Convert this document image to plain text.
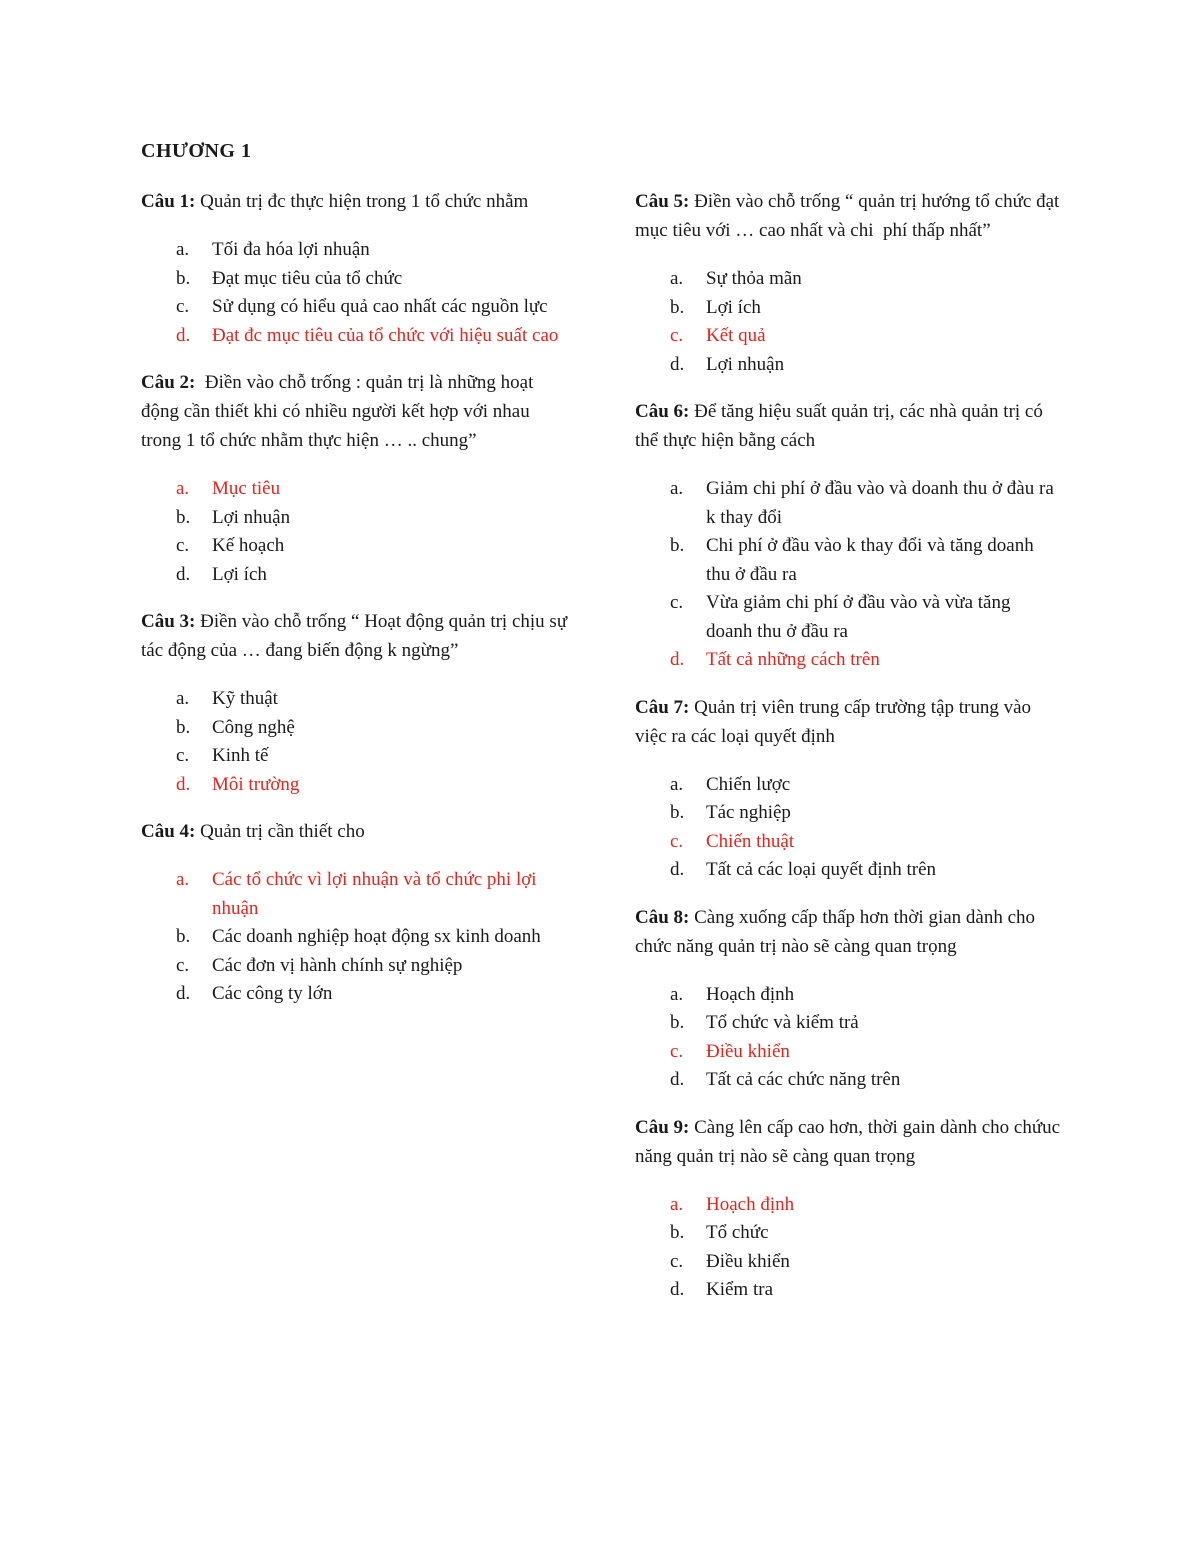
CHƯƠNG 1

Câu 1: Quản trị đc thực hiện trong 1 tổ chức nhằm

a.	Tối đa hóa lợi nhuận
b.	Đạt mục tiêu của tổ chức
c.	Sử dụng có hiểu quả cao nhất các nguồn lực
d.	Đạt đc mục tiêu của tổ chức với hiệu suất cao

Câu 2:  Điền vào chỗ trống : quản trị là những hoạt động cần thiết khi có nhiều người kết hợp với nhau trong 1 tổ chức nhằm thực hiện … .. chung”

a.	Mục tiêu
b.	Lợi nhuận
c.	Kế hoạch
d.	Lợi ích

Câu 3: Điền vào chỗ trống “ Hoạt động quản trị chịu sự tác động của … đang biến động k ngừng”

a.	Kỹ thuật
b.	Công nghệ
c.	Kinh tế
d.	Môi trường

Câu 4: Quản trị cần thiết cho

a.	Các tổ chức vì lợi nhuận và tổ chức phi lợi nhuận
b.	Các doanh nghiệp hoạt động sx kinh doanh
c.	Các đơn vị hành chính sự nghiệp
d.	Các công ty lớn

Câu 5: Điền vào chỗ trống “ quản trị hướng tổ chức đạt mục tiêu với … cao nhất và chi  phí thấp nhất”

a.	Sự thỏa mãn
b.	Lợi ích
c.	Kết quả
d.	Lợi nhuận

Câu 6: Để tăng hiệu suất quản trị, các nhà quản trị có thể thực hiện bằng cách

a.	Giảm chi phí ở đầu vào và doanh thu ở đàu ra k thay đổi
b.	Chi phí ở đầu vào k thay đổi và tăng doanh thu ở đầu ra
c.	Vừa giảm chi phí ở đầu vào và vừa tăng doanh thu ở đầu ra
d.	Tất cả những cách trên

Câu 7: Quản trị viên trung cấp trường tập trung vào việc ra các loại quyết định

a.	Chiến lược
b.	Tác nghiệp
c.	Chiến thuật
d.	Tất cả các loại quyết định trên

Câu 8: Càng xuống cấp thấp hơn thời gian dành cho chức năng quản trị nào sẽ càng quan trọng

a.	Hoạch định
b.	Tổ chức và kiểm trả
c.	Điều khiển
d.	Tất cả các chức năng trên

Câu 9: Càng lên cấp cao hơn, thời gain dành cho chứuc năng quản trị nào sẽ càng quan trọng

a.	Hoạch định
b.	Tổ chức
c.	Điều khiển
d.	Kiểm tra
